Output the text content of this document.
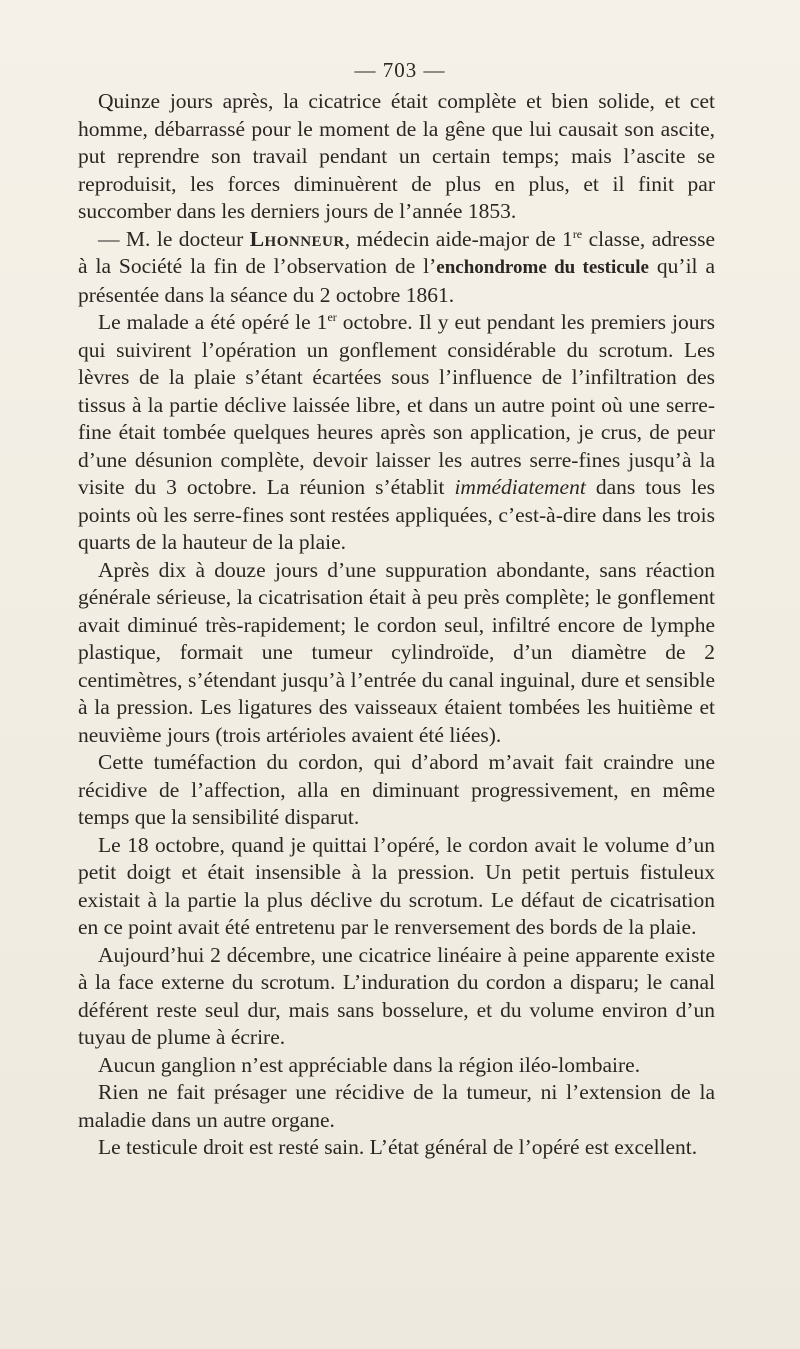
— 703 —

Quinze jours après, la cicatrice était complète et bien solide, et cet homme, débarrassé pour le moment de la gêne que lui causait son ascite, put reprendre son travail pendant un certain temps; mais l’ascite se reproduisit, les forces diminuèrent de plus en plus, et il finit par succomber dans les derniers jours de l’année 1853.

— M. le docteur Lhonneur, médecin aide-major de 1re classe, adresse à la Société la fin de l’observation de l’enchondrome du testicule qu’il a présentée dans la séance du 2 octobre 1861.

Le malade a été opéré le 1er octobre. Il y eut pendant les premiers jours qui suivirent l’opération un gonflement considérable du scrotum. Les lèvres de la plaie s’étant écartées sous l’influence de l’infiltration des tissus à la partie déclive laissée libre, et dans un autre point où une serre-fine était tombée quelques heures après son application, je crus, de peur d’une désunion complète, devoir laisser les autres serre-fines jusqu’à la visite du 3 octobre. La réunion s’établit immédiatement dans tous les points où les serre-fines sont restées appliquées, c’est-à-dire dans les trois quarts de la hauteur de la plaie.

Après dix à douze jours d’une suppuration abondante, sans réaction générale sérieuse, la cicatrisation était à peu près complète; le gonflement avait diminué très-rapidement; le cordon seul, infiltré encore de lymphe plastique, formait une tumeur cylindroïde, d’un diamètre de 2 centimètres, s’étendant jusqu’à l’entrée du canal inguinal, dure et sensible à la pression. Les ligatures des vaisseaux étaient tombées les huitième et neuvième jours (trois artérioles avaient été liées).

Cette tuméfaction du cordon, qui d’abord m’avait fait craindre une récidive de l’affection, alla en diminuant progressivement, en même temps que la sensibilité disparut.

Le 18 octobre, quand je quittai l’opéré, le cordon avait le volume d’un petit doigt et était insensible à la pression. Un petit pertuis fistuleux existait à la partie la plus déclive du scrotum. Le défaut de cicatrisation en ce point avait été entretenu par le renversement des bords de la plaie.

Aujourd’hui 2 décembre, une cicatrice linéaire à peine apparente existe à la face externe du scrotum. L’induration du cordon a disparu; le canal déférent reste seul dur, mais sans bosselure, et du volume environ d’un tuyau de plume à écrire.

Aucun ganglion n’est appréciable dans la région iléo-lombaire.

Rien ne fait présager une récidive de la tumeur, ni l’extension de la maladie dans un autre organe.

Le testicule droit est resté sain. L’état général de l’opéré est excellent.
